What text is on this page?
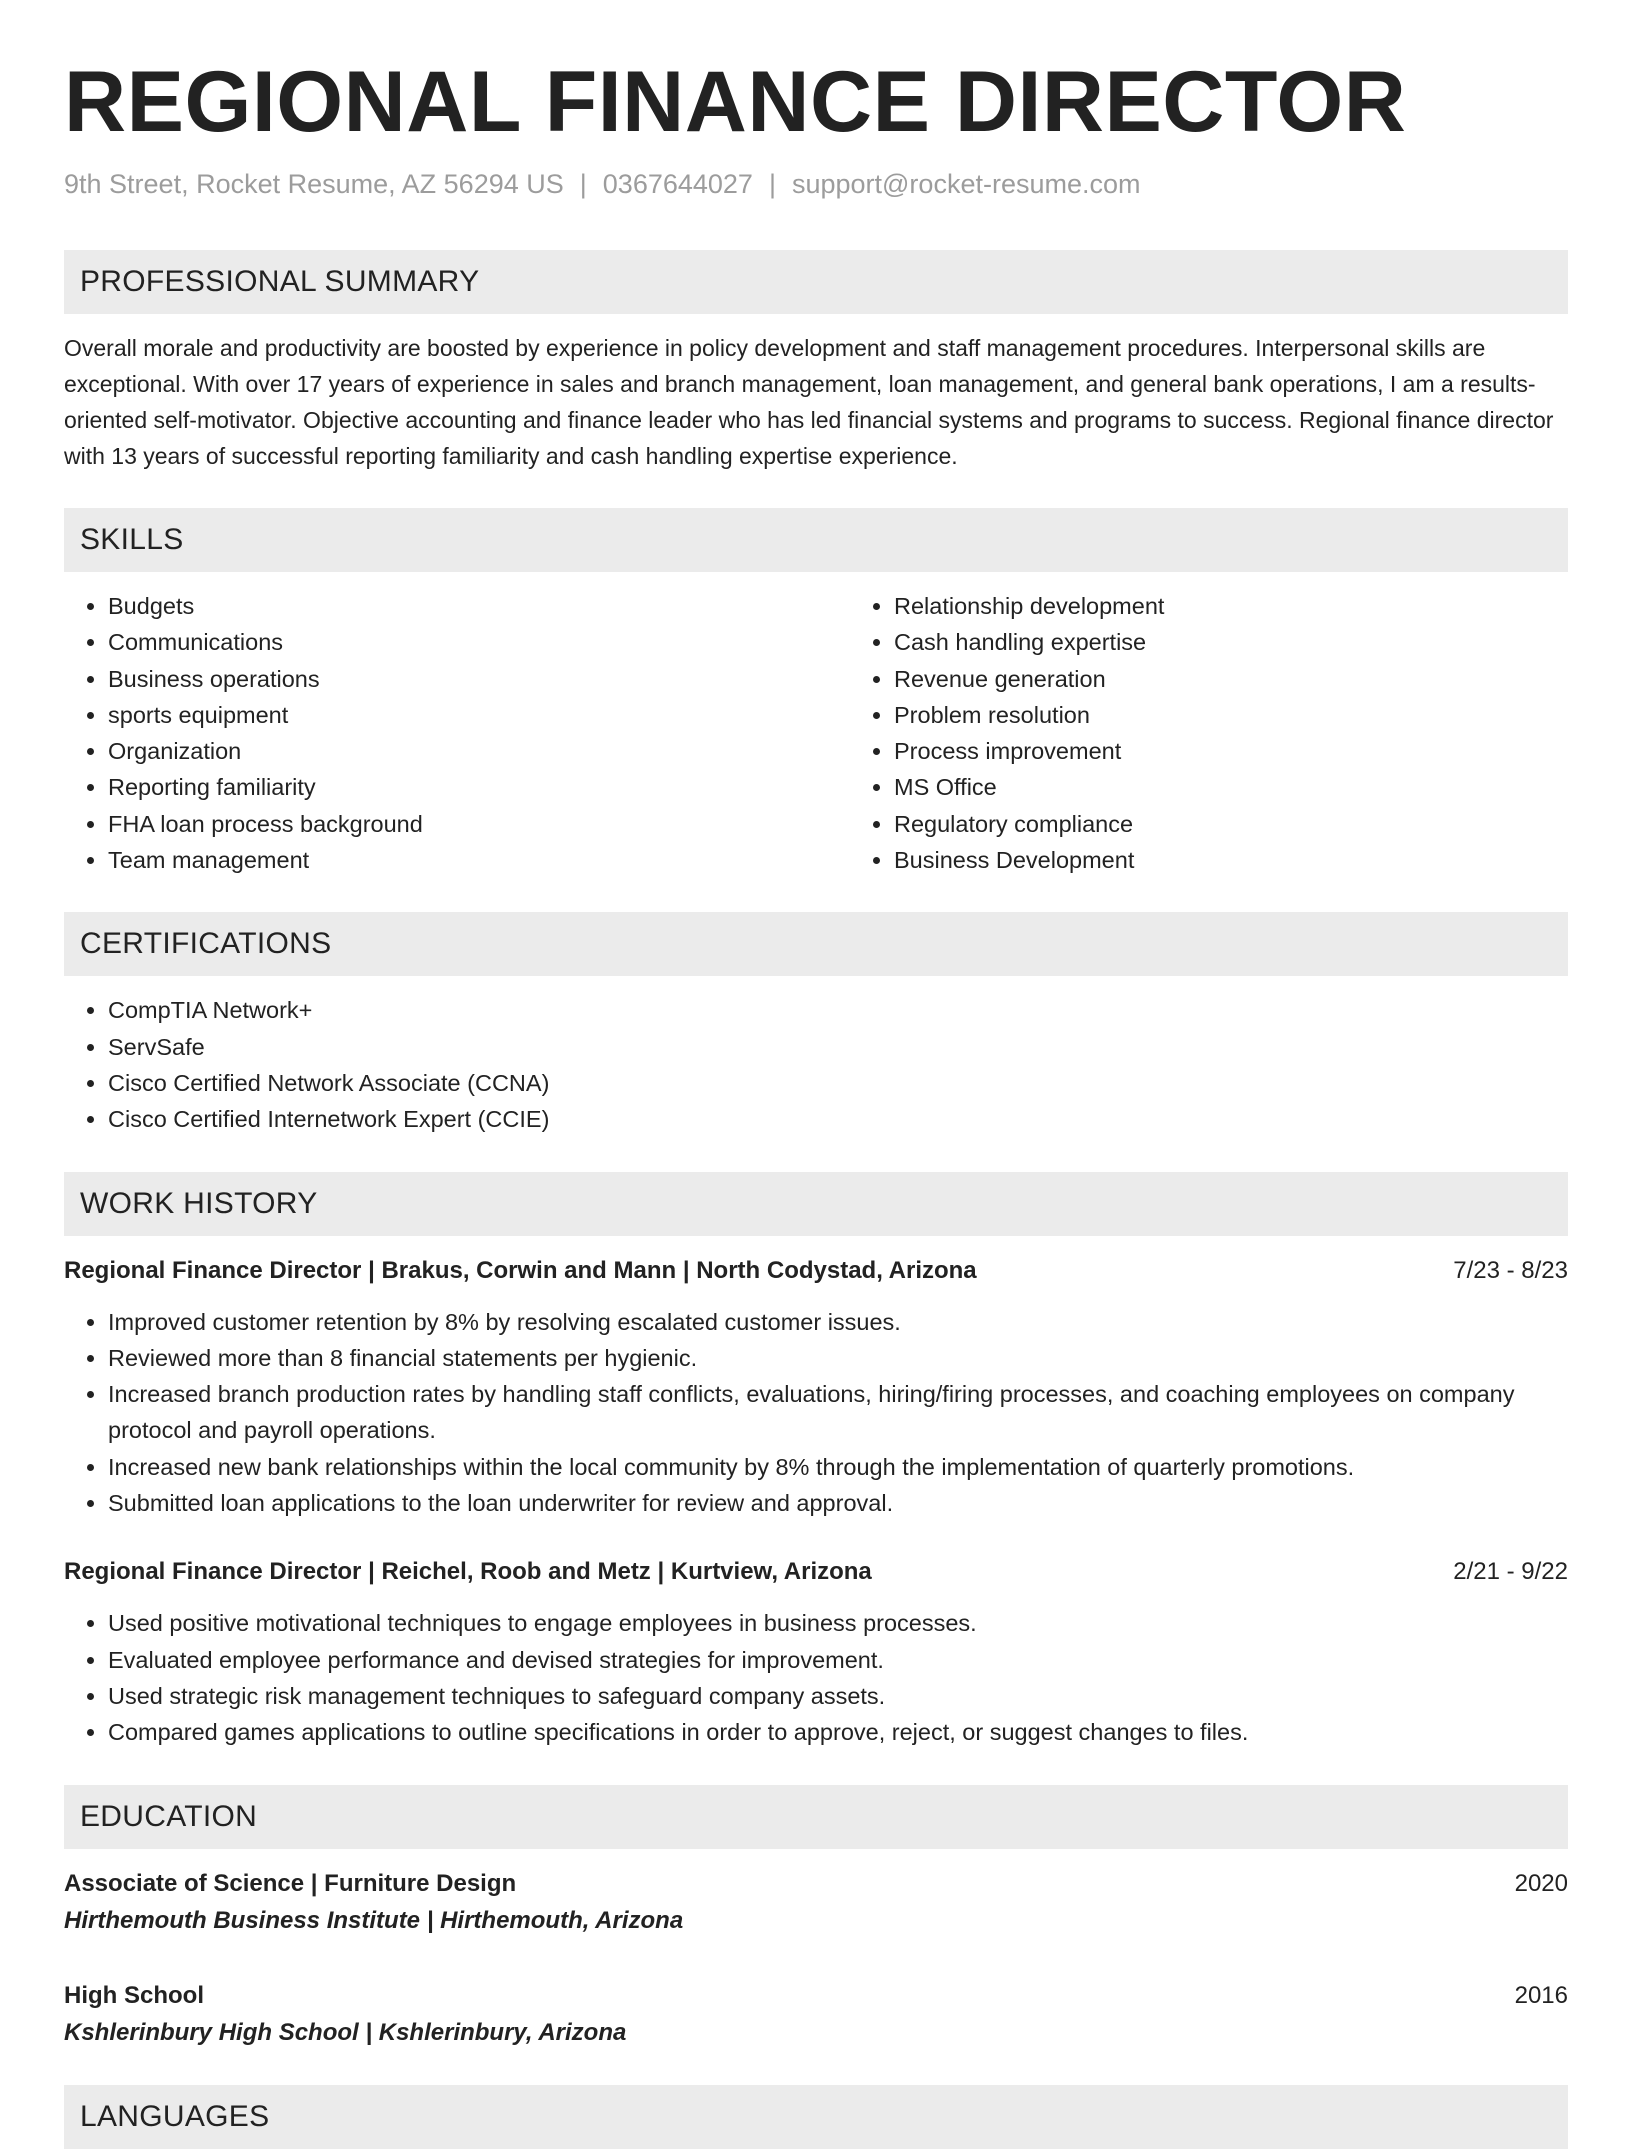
REGIONAL FINANCE DIRECTOR
9th Street, Rocket Resume, AZ 56294 US | 0367644027 | support@rocket-resume.com
PROFESSIONAL SUMMARY
Overall morale and productivity are boosted by experience in policy development and staff management procedures. Interpersonal skills are exceptional. With over 17 years of experience in sales and branch management, loan management, and general bank operations, I am a results-oriented self-motivator. Objective accounting and finance leader who has led financial systems and programs to success. Regional finance director with 13 years of successful reporting familiarity and cash handling expertise experience.
SKILLS
• Budgets
• Communications
• Business operations
• sports equipment
• Organization
• Reporting familiarity
• FHA loan process background
• Team management
• Relationship development
• Cash handling expertise
• Revenue generation
• Problem resolution
• Process improvement
• MS Office
• Regulatory compliance
• Business Development
CERTIFICATIONS
• CompTIA Network+
• ServSafe
• Cisco Certified Network Associate (CCNA)
• Cisco Certified Internetwork Expert (CCIE)
WORK HISTORY
Regional Finance Director | Brakus, Corwin and Mann | North Codystad, Arizona	7/23 - 8/23
• Improved customer retention by 8% by resolving escalated customer issues.
• Reviewed more than 8 financial statements per hygienic.
• Increased branch production rates by handling staff conflicts, evaluations, hiring/firing processes, and coaching employees on company protocol and payroll operations.
• Increased new bank relationships within the local community by 8% through the implementation of quarterly promotions.
• Submitted loan applications to the loan underwriter for review and approval.
Regional Finance Director | Reichel, Roob and Metz | Kurtview, Arizona	2/21 - 9/22
• Used positive motivational techniques to engage employees in business processes.
• Evaluated employee performance and devised strategies for improvement.
• Used strategic risk management techniques to safeguard company assets.
• Compared games applications to outline specifications in order to approve, reject, or suggest changes to files.
EDUCATION
Associate of Science | Furniture Design	2020
Hirthemouth Business Institute | Hirthemouth, Arizona
High School	2016
Kshlerinbury High School | Kshlerinbury, Arizona
LANGUAGES
